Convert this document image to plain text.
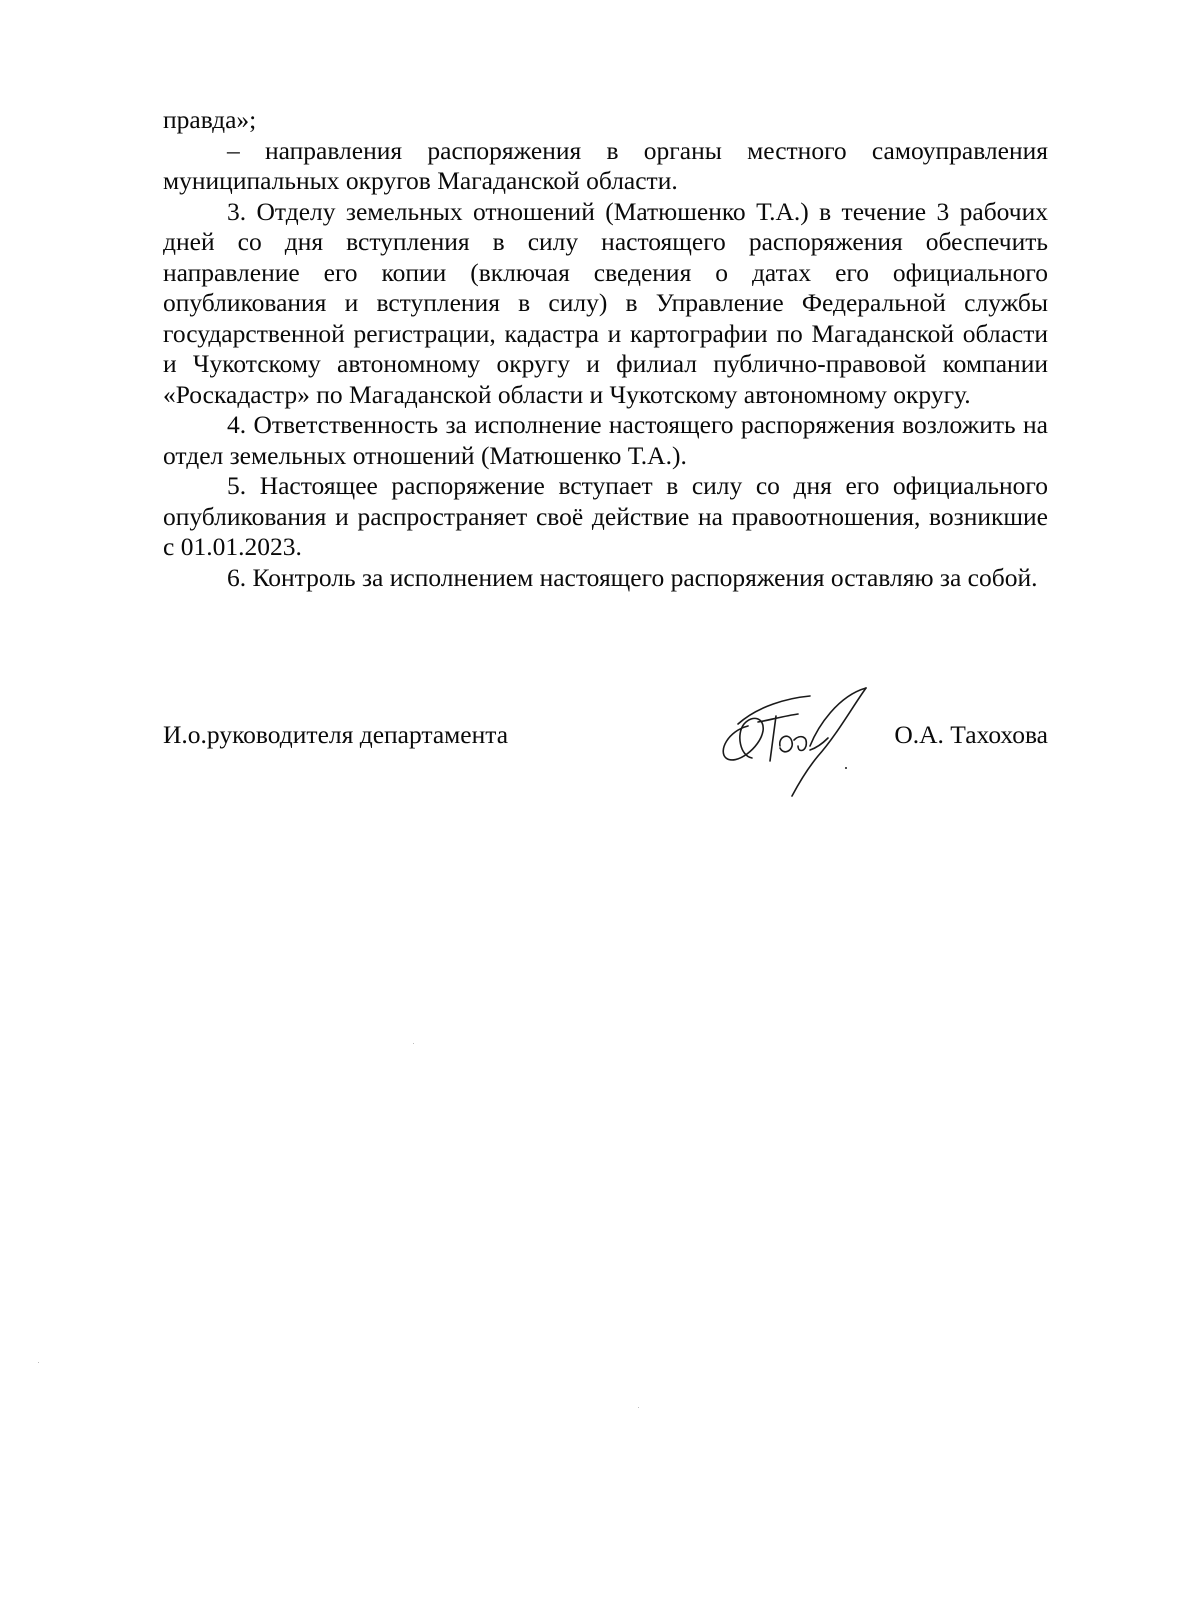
правда»;

– направления распоряжения в органы местного самоуправления муниципальных округов Магаданской области.

3. Отделу земельных отношений (Матюшенко Т.А.) в течение 3 рабочих дней со дня вступления в силу настоящего распоряжения обеспечить направление его копии (включая сведения о датах его официального опубликования и вступления в силу) в Управление Федеральной службы государственной регистрации, кадастра и картографии по Магаданской области и Чукотскому автономному округу и филиал публично-правовой компании «Роскадастр» по Магаданской области и Чукотскому автономному округу.

4. Ответственность за исполнение настоящего распоряжения возложить на отдел земельных отношений (Матюшенко Т.А.).

5. Настоящее распоряжение вступает в силу со дня его официального опубликования и распространяет своё действие на правоотношения, возникшие с 01.01.2023.

6. Контроль за исполнением настоящего распоряжения оставляю за собой.

И.о.руководителя департамента	О.А. Тахохова
